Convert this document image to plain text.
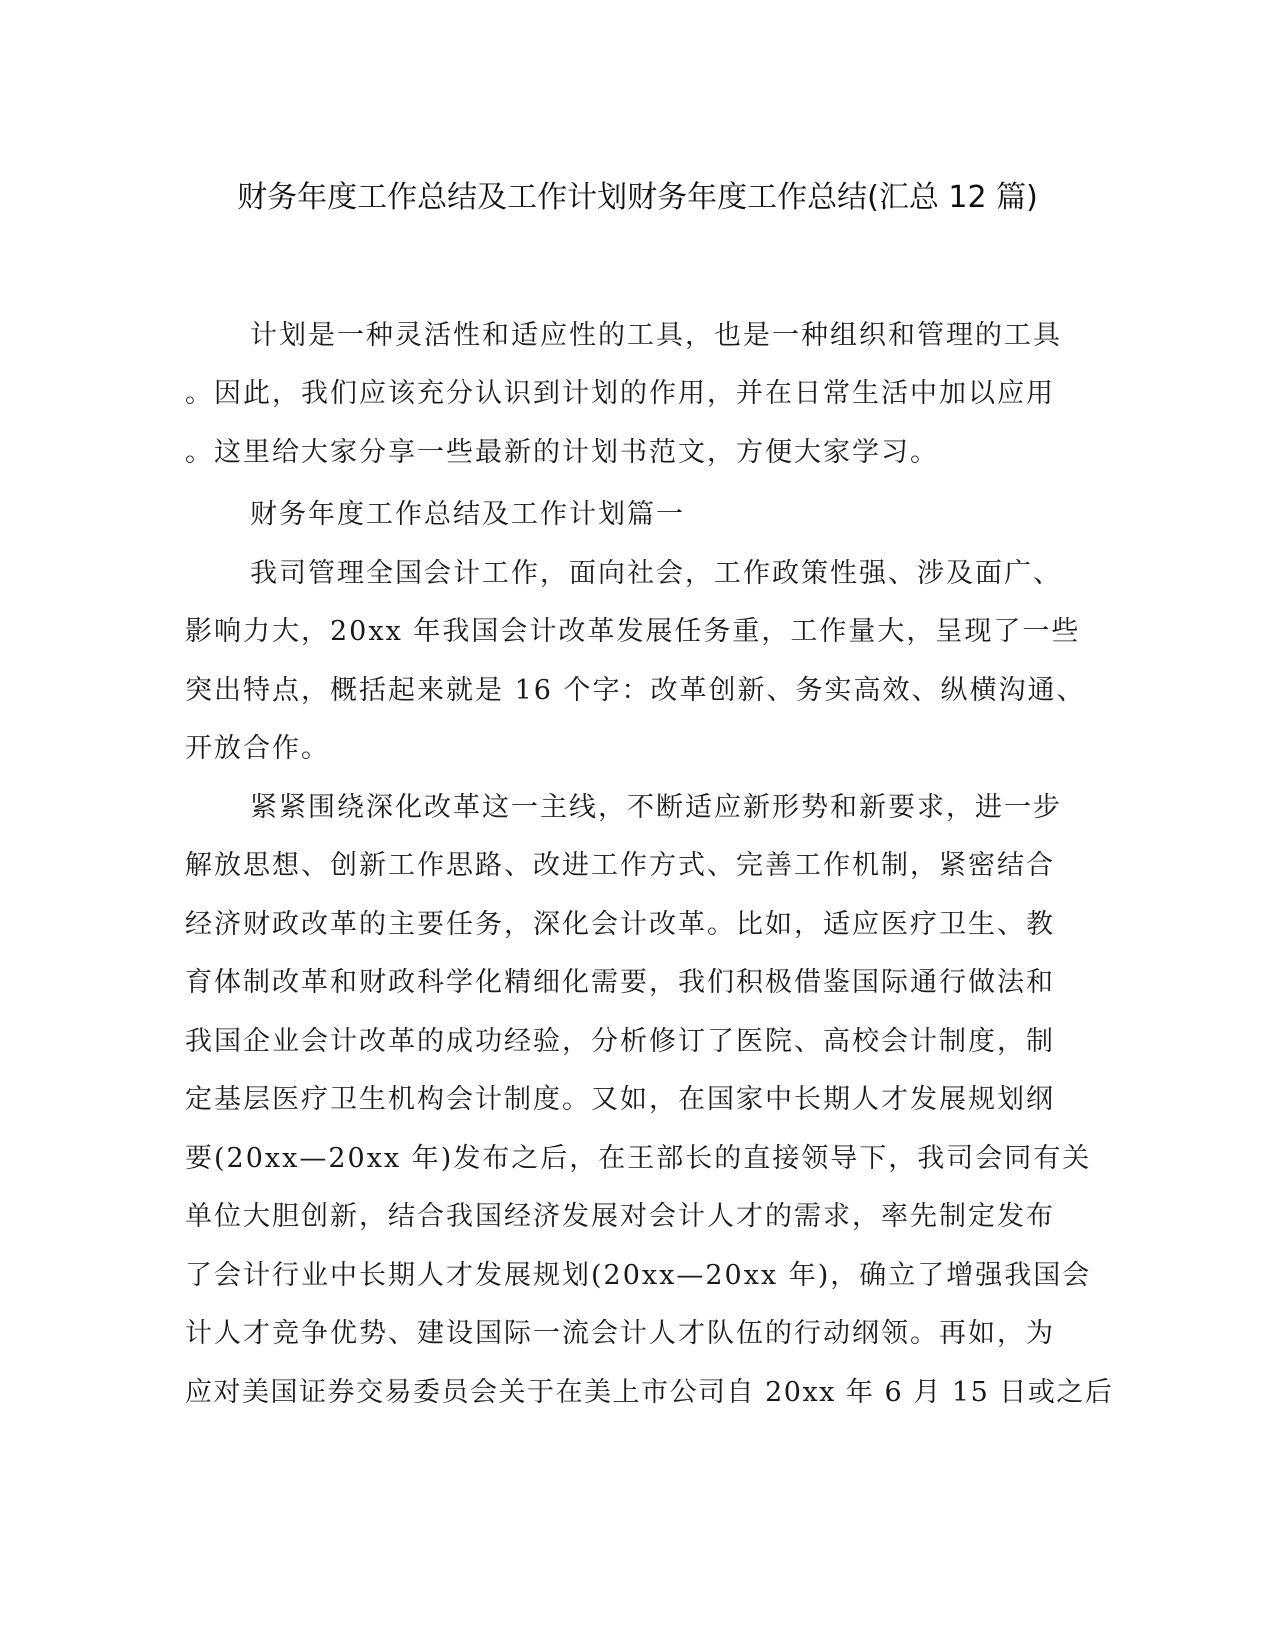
财务年度工作总结及工作计划财务年度工作总结(汇总 12 篇)
计划是一种灵活性和适应性的工具，也是一种组织和管理的工具
。因此，我们应该充分认识到计划的作用，并在日常生活中加以应用
。这里给大家分享一些最新的计划书范文，方便大家学习。
财务年度工作总结及工作计划篇一
我司管理全国会计工作，面向社会，工作政策性强、涉及面广、
影响力大，20xx 年我国会计改革发展任务重，工作量大，呈现了一些
突出特点，概括起来就是 16 个字：改革创新、务实高效、纵横沟通、
开放合作。
紧紧围绕深化改革这一主线，不断适应新形势和新要求，进一步
解放思想、创新工作思路、改进工作方式、完善工作机制，紧密结合
经济财政改革的主要任务，深化会计改革。比如，适应医疗卫生、教
育体制改革和财政科学化精细化需要，我们积极借鉴国际通行做法和
我国企业会计改革的成功经验，分析修订了医院、高校会计制度，制
定基层医疗卫生机构会计制度。又如，在国家中长期人才发展规划纲
要(20xx—20xx 年)发布之后，在王部长的直接领导下，我司会同有关
单位大胆创新，结合我国经济发展对会计人才的需求，率先制定发布
了会计行业中长期人才发展规划(20xx—20xx 年)，确立了增强我国会
计人才竞争优势、建设国际一流会计人才队伍的行动纲领。再如，为
应对美国证券交易委员会关于在美上市公司自 20xx 年 6 月 15 日或之后
